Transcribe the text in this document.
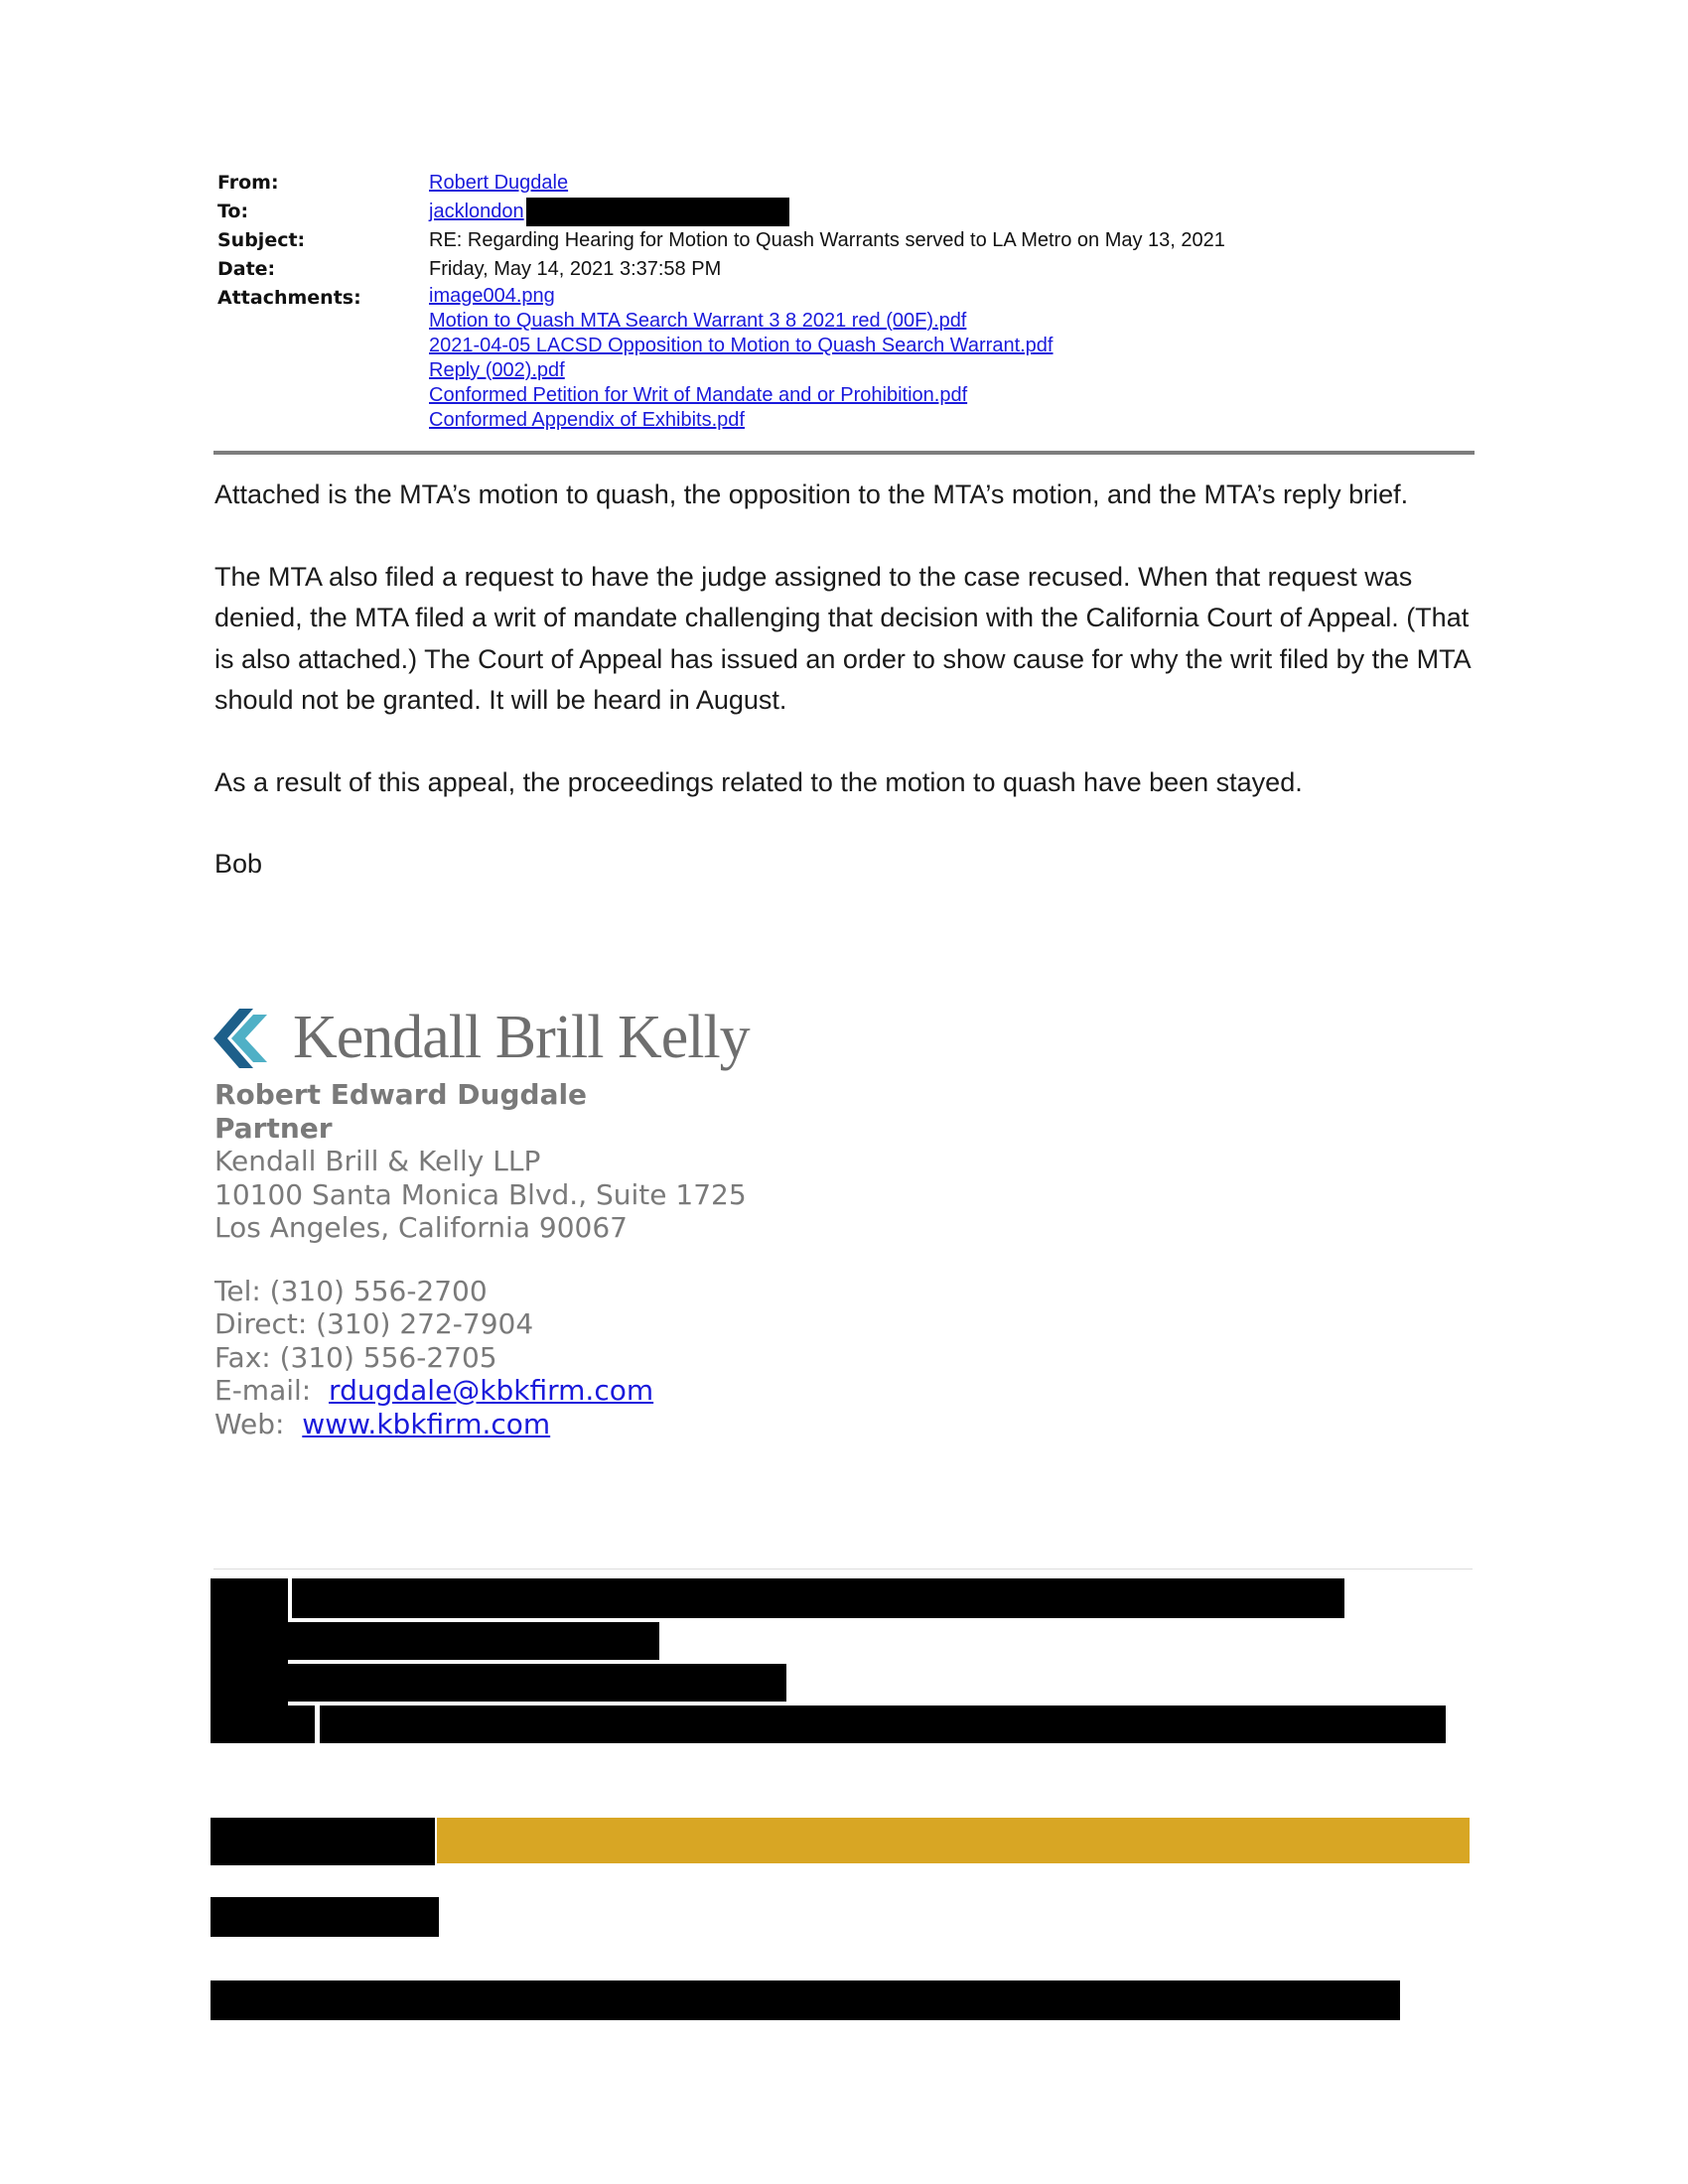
From:	Robert Dugdale
To:	jacklondon
Subject:	RE: Regarding Hearing for Motion to Quash Warrants served to LA Metro on May 13, 2021
Date:	Friday, May 14, 2021 3:37:58 PM
Attachments:	image004.png
Motion to Quash MTA Search Warrant 3 8 2021 red (00F).pdf
2021-04-05 LACSD Opposition to Motion to Quash Search Warrant.pdf
Reply (002).pdf
Conformed Petition for Writ of Mandate and or Prohibition.pdf
Conformed Appendix of Exhibits.pdf

Attached is the MTA’s motion to quash, the opposition to the MTA’s motion, and the MTA’s reply brief.

The MTA also filed a request to have the judge assigned to the case recused. When that request was denied, the MTA filed a writ of mandate challenging that decision with the California Court of Appeal. (That is also attached.) The Court of Appeal has issued an order to show cause for why the writ filed by the MTA should not be granted. It will be heard in August.

As a result of this appeal, the proceedings related to the motion to quash have been stayed.

Bob

Kendall Brill Kelly
Robert Edward Dugdale
Partner
Kendall Brill & Kelly LLP
10100 Santa Monica Blvd., Suite 1725
Los Angeles, California 90067
Tel: (310) 556-2700
Direct: (310) 272-7904
Fax: (310) 556-2705
E-mail: rdugdale@kbkfirm.com
Web: www.kbkfirm.com
